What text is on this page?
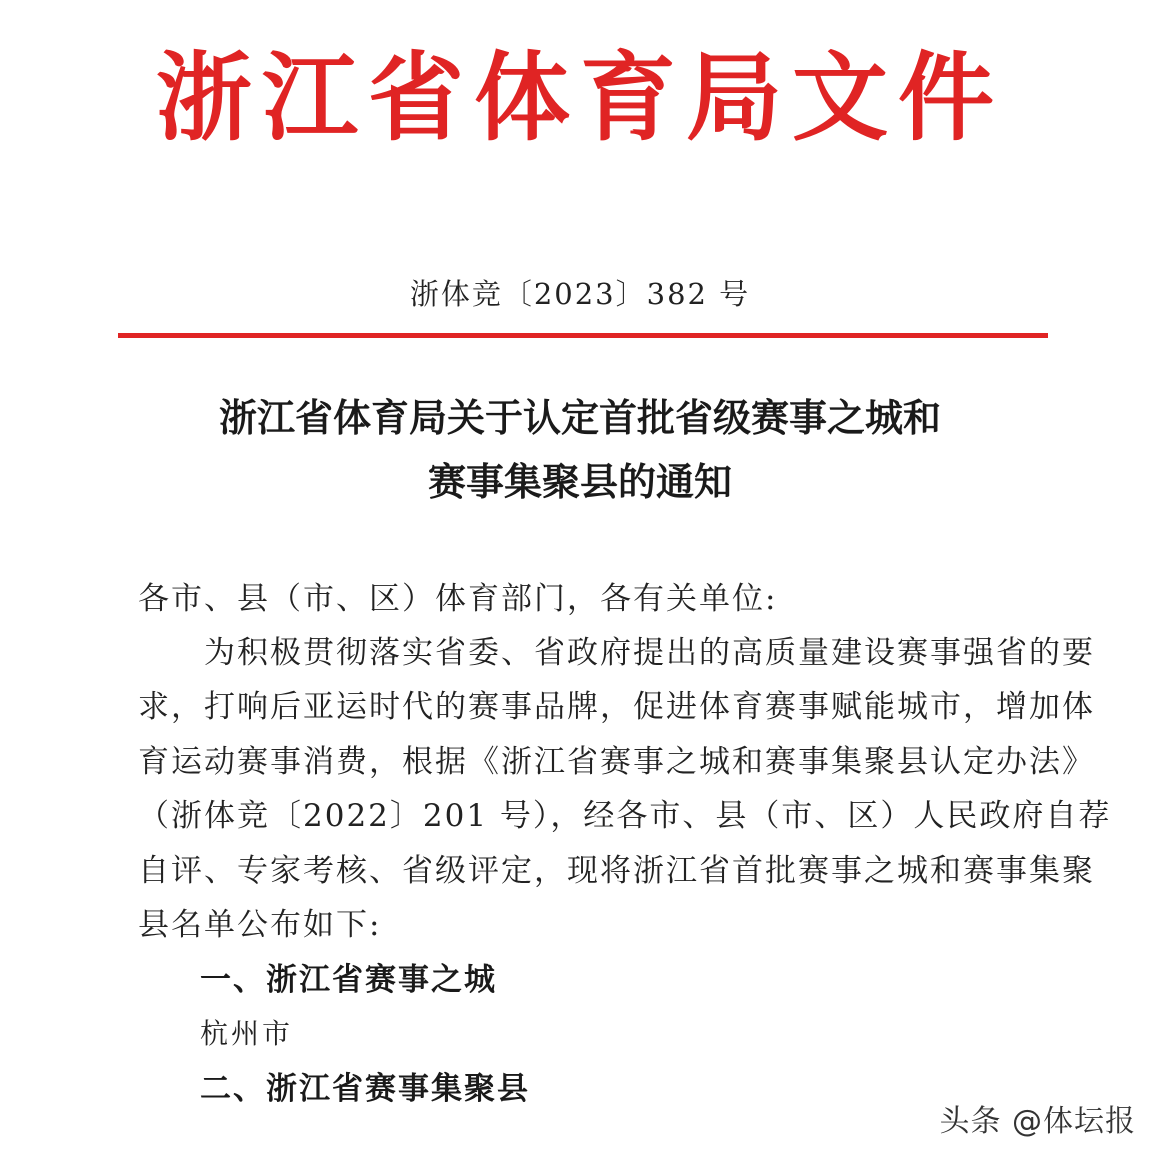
浙江省体育局文件
浙体竞〔2023〕382 号
浙江省体育局关于认定首批省级赛事之城和
赛事集聚县的通知
各市、县（市、区）体育部门，各有关单位:
　　为积极贯彻落实省委、省政府提出的高质量建设赛事强省的要
求，打响后亚运时代的赛事品牌，促进体育赛事赋能城市，增加体
育运动赛事消费，根据《浙江省赛事之城和赛事集聚县认定办法》
（浙体竞〔2022〕201 号），经各市、县（市、区）人民政府自荐
自评、专家考核、省级评定，现将浙江省首批赛事之城和赛事集聚
县名单公布如下:
一、浙江省赛事之城
杭州市
二、浙江省赛事集聚县
头条 @体坛报
